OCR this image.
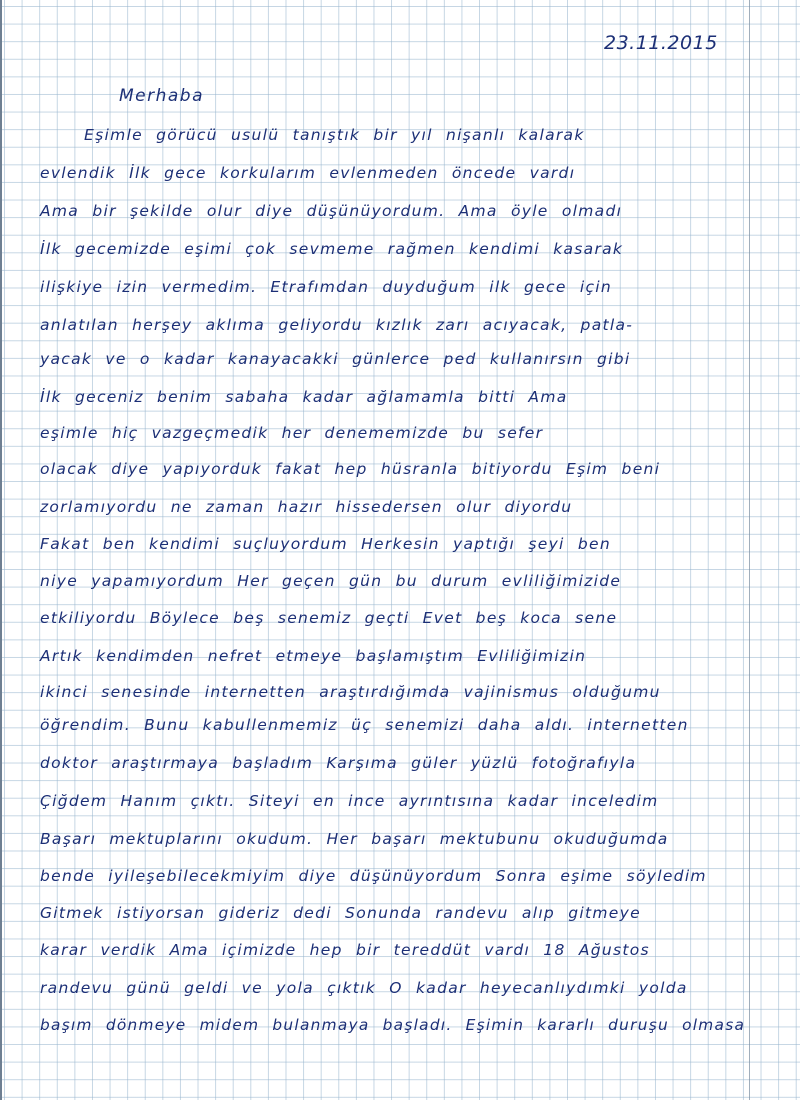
23.11.2015

Merhaba

Eşimle görücü usulü tanıştık bir yıl nişanlı kalarak

evlendik İlk gece korkularım evlenmeden öncede vardı

Ama bir şekilde olur diye düşünüyordum. Ama öyle olmadı

İlk gecemizde eşimi çok sevmeme rağmen kendimi kasarak

ilişkiye izin vermedim. Etrafımdan duyduğum ilk gece için

anlatılan herşey aklıma geliyordu kızlık zarı acıyacak, patla-

yacak ve o kadar kanayacakki günlerce ped kullanırsın gibi

İlk geceniz benim sabaha kadar ağlamamla bitti Ama

eşimle hiç vazgeçmedik her denememizde bu sefer

olacak diye yapıyorduk fakat hep hüsranla bitiyordu Eşim beni

zorlamıyordu ne zaman hazır hissedersen olur diyordu

Fakat ben kendimi suçluyordum Herkesin yaptığı şeyi ben

niye yapamıyordum Her geçen gün bu durum evliliğimizide

etkiliyordu Böylece beş senemiz geçti Evet beş koca sene

Artık kendimden nefret etmeye başlamıştım Evliliğimizin

ikinci senesinde internetten araştırdığımda vajinismus olduğumu

öğrendim. Bunu kabullenmemiz üç senemizi daha aldı. internetten

doktor araştırmaya başladım Karşıma güler yüzlü fotoğrafıyla

Çiğdem Hanım çıktı. Siteyi en ince ayrıntısına kadar inceledim

Başarı mektuplarını okudum. Her başarı mektubunu okuduğumda

bende iyileşebilecekmiyim diye düşünüyordum Sonra eşime söyledim

Gitmek istiyorsan gideriz dedi Sonunda randevu alıp gitmeye

karar verdik Ama içimizde hep bir tereddüt vardı 18 Ağustos

randevu günü geldi ve yola çıktık O kadar heyecanlıydımki yolda

başım dönmeye midem bulanmaya başladı. Eşimin kararlı duruşu olmasa
